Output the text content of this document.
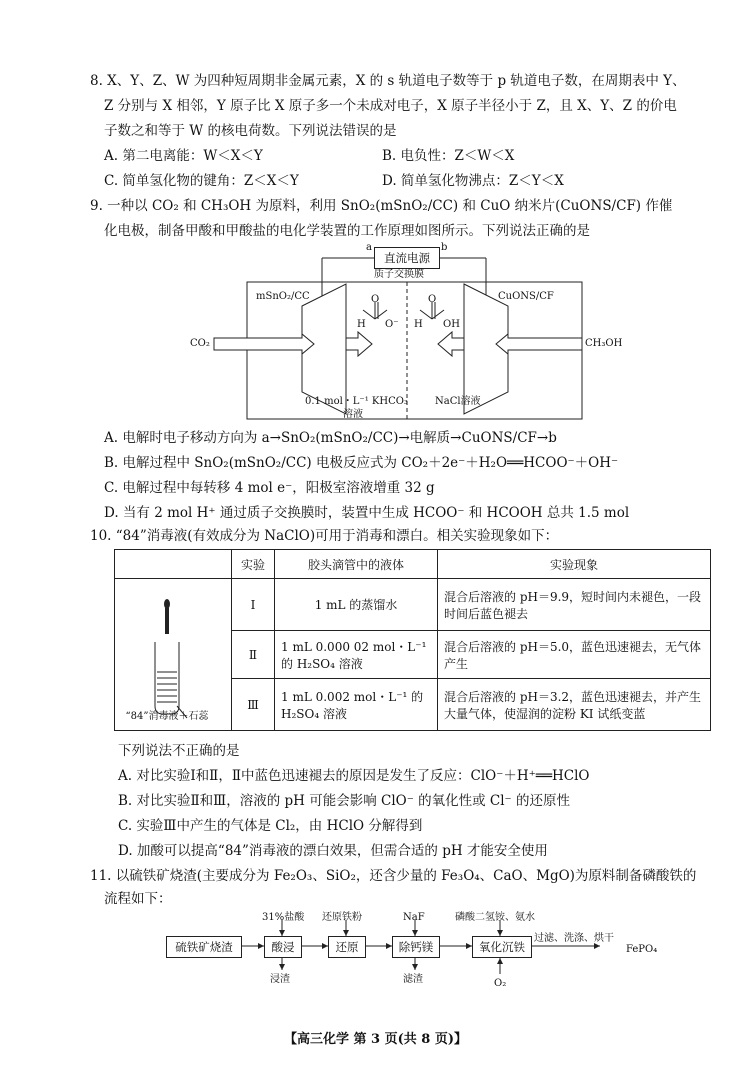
8. X、Y、Z、W 为四种短周期非金属元素，X 的 s 轨道电子数等于 p 轨道电子数，在周期表中 Y、
Z 分别与 X 相邻，Y 原子比 X 原子多一个未成对电子，X 原子半径小于 Z，且 X、Y、Z 的价电
子数之和等于 W 的核电荷数。下列说法错误的是
A. 第二电离能：W＜X＜Y	B. 电负性：Z＜W＜X
C. 简单氢化物的键角：Z＜X＜Y	D. 简单氢化物沸点：Z＜Y＜X
9. 一种以 CO₂ 和 CH₃OH 为原料，利用 SnO₂(mSnO₂/CC) 和 CuO 纳米片(CuONS/CF) 作催
化电极，制备甲酸和甲酸盐的电化学装置的工作原理如图所示。下列说法正确的是
直流电源
a	b
质子交换膜
mSnO₂/CC	CuONS/CF
CO₂	CH₃OH
O
H O⁻
O
H OH
0.1 mol・L⁻¹ KHCO₃
溶液
NaCl溶液
A. 电解时电子移动方向为 a→SnO₂(mSnO₂/CC)→电解质→CuONS/CF→b
B. 电解过程中 SnO₂(mSnO₂/CC) 电极反应式为 CO₂＋2e⁻＋H₂O══HCOO⁻＋OH⁻
C. 电解过程中每转移 4 mol e⁻，阳极室溶液增重 32 g
D. 当有 2 mol H⁺ 通过质子交换膜时，装置中生成 HCOO⁻ 和 HCOOH 总共 1.5 mol
10. “84”消毒液(有效成分为 NaClO)可用于消毒和漂白。相关实验现象如下：
	实验	胶头滴管中的液体	实验现象

“84”消毒液＋石蕊	Ⅰ	1 mL 的蒸馏水	混合后溶液的 pH＝9.9，短时间内未褪色，一段时间后蓝色褪去
	Ⅱ	1 mL 0.000 02 mol・L⁻¹ 的 H₂SO₄ 溶液	混合后溶液的 pH＝5.0，蓝色迅速褪去，无气体产生
	Ⅲ	1 mL 0.002 mol・L⁻¹ 的 H₂SO₄ 溶液	混合后溶液的 pH＝3.2，蓝色迅速褪去，并产生大量气体，使湿润的淀粉 KI 试纸变蓝
下列说法不正确的是
A. 对比实验Ⅰ和Ⅱ，Ⅱ中蓝色迅速褪去的原因是发生了反应：ClO⁻＋H⁺══HClO
B. 对比实验Ⅱ和Ⅲ，溶液的 pH 可能会影响 ClO⁻ 的氧化性或 Cl⁻ 的还原性
C. 实验Ⅲ中产生的气体是 Cl₂，由 HClO 分解得到
D. 加酸可以提高“84”消毒液的漂白效果，但需合适的 pH 才能安全使用
11. 以硫铁矿烧渣(主要成分为 Fe₂O₃、SiO₂，还含少量的 Fe₃O₄、CaO、MgO)为原料制备磷酸铁的
流程如下：
硫铁矿烧渣	酸浸	还原	除钙镁	氧化沉铁
31%盐酸 还原铁粉	NaF	磷酸二氢铵、氨水
浸渣	滤渣	O₂
过滤、洗涤、烘干
FePO₄
【高三化学 第 3 页(共 8 页)】
